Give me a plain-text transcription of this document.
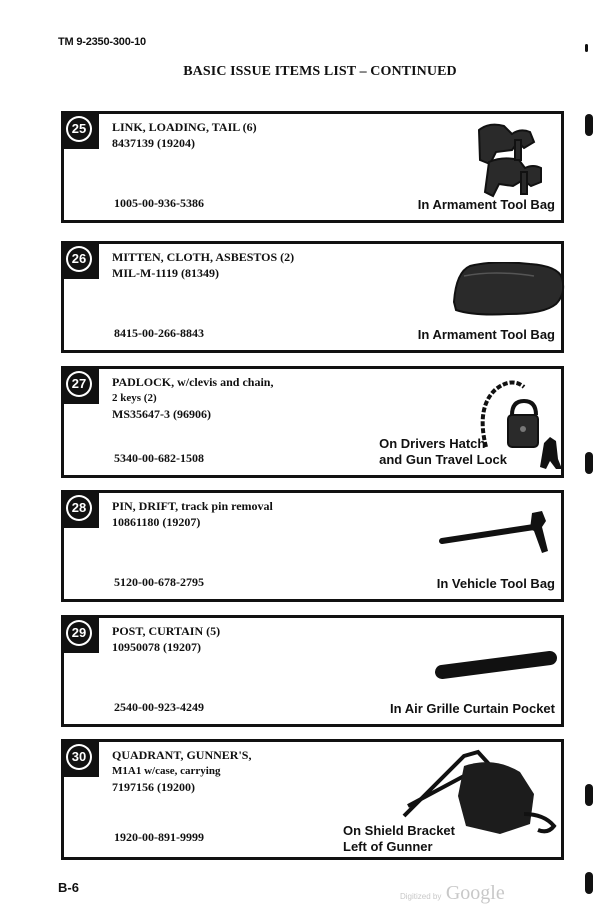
TM 9-2350-300-10
BASIC ISSUE ITEMS LIST – CONTINUED
25	LINK, LOADING, TAIL (6)
8437139 (19204)
1005-00-936-5386	In Armament Tool Bag
26	MITTEN, CLOTH, ASBESTOS (2)
MIL-M-1119 (81349)
8415-00-266-8843	In Armament Tool Bag
27	PADLOCK, w/clevis and chain,
2 keys (2)
MS35647-3 (96906)
5340-00-682-1508
On Drivers Hatch
and Gun Travel Lock
28	PIN, DRIFT, track pin removal
10861180 (19207)
5120-00-678-2795	In Vehicle Tool Bag
29	POST, CURTAIN (5)
10950078 (19207)
2540-00-923-4249	In Air Grille Curtain Pocket
30	QUADRANT, GUNNER'S,
M1A1 w/case, carrying
7197156 (19200)
1920-00-891-9999	On Shield Bracket
Left of Gunner
B-6
Digitized by Google
